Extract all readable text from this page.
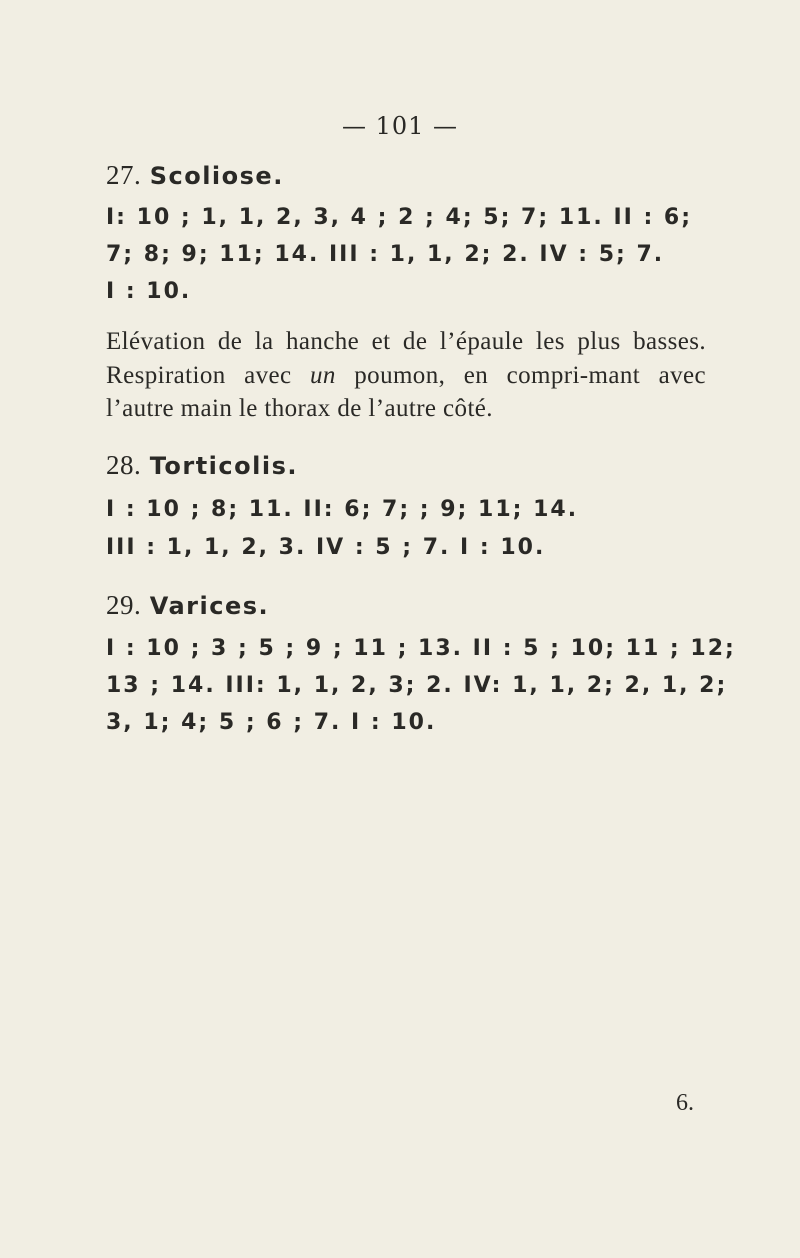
— 101 —
27. Scoliose.
I: 10 ; 1, 1, 2, 3, 4 ; 2 ; 4; 5; 7; 11. II : 6;
7; 8; 9; 11; 14. III : 1, 1, 2; 2. IV : 5; 7.
I : 10.
Elévation de la hanche et de l’épaule les plus basses. Respiration avec un poumon, en compri-mant avec l’autre main le thorax de l’autre côté.
28. Torticolis.
I : 10 ; 8; 11. II: 6; 7; ; 9; 11; 14.
III : 1, 1, 2, 3. IV : 5 ; 7. I : 10.
29. Varices.
I : 10 ; 3 ; 5 ; 9 ; 11 ; 13. II : 5 ; 10; 11 ; 12;
13 ; 14. III: 1, 1, 2, 3; 2. IV: 1, 1, 2; 2, 1, 2;
3, 1; 4; 5 ; 6 ; 7. I : 10.
6.
